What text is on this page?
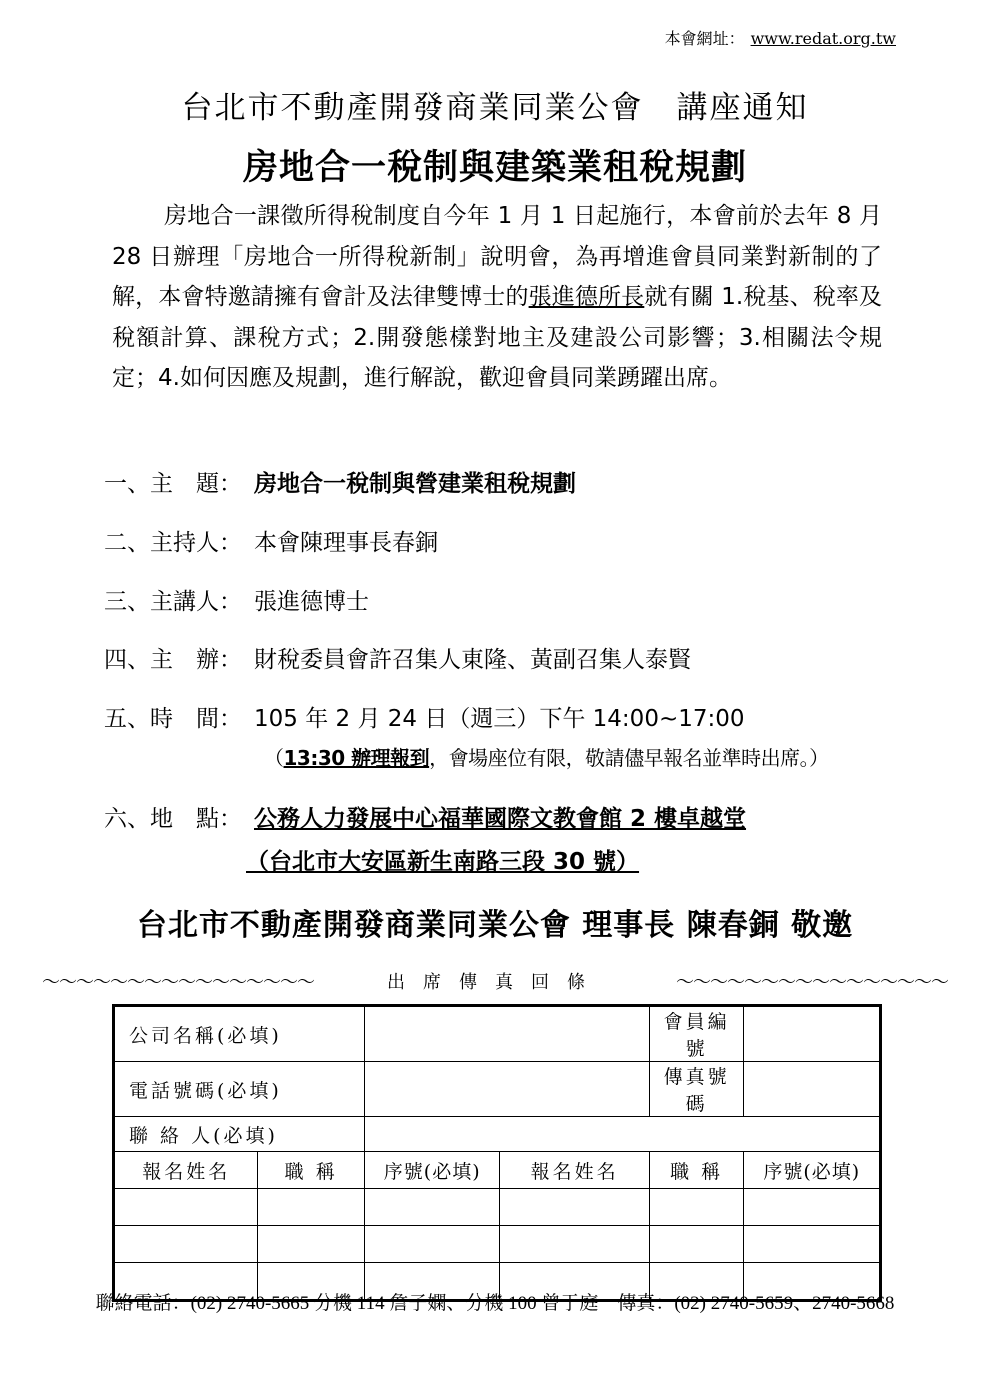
本會網址： www.redat.org.tw
台北市不動產開發商業同業公會　講座通知
房地合一稅制與建築業租稅規劃

房地合一課徵所得稅制度自今年 1 月 1 日起施行，本會前於去年 8 月 28 日辦理「房地合一所得稅新制」說明會，為再增進會員同業對新制的了解，本會特邀請擁有會計及法律雙博士的張進德所長就有關 1.稅基、稅率及稅額計算、課稅方式；2.開發態樣對地主及建設公司影響；3.相關法令規定；4.如何因應及規劃，進行解說，歡迎會員同業踴躍出席。

一、主　題： 房地合一稅制與營建業租稅規劃
二、主持人： 本會陳理事長春銅
三、主講人： 張進德博士
四、主　辦： 財稅委員會許召集人東隆、黃副召集人泰賢
五、時　間： 105 年 2 月 24 日（週三）下午 14:00~17:00
（13:30 辦理報到，會場座位有限，敬請儘早報名並準時出席。）
六、地　點： 公務人力發展中心福華國際文教會館 2 樓卓越堂
（台北市大安區新生南路三段 30 號）
台北市不動產開發商業同業公會 理事長 陳春銅 敬邀
～～～～～～～～～～～～～～～～	出席傳真回條	～～～～～～～～～～～～～～～～
公司名稱(必填)				會員編號	
電話號碼(必填)				傳真號碼	
聯 絡 人(必填)					
報名姓名	職 稱	序號(必填)	報名姓名	職 稱	序號(必填)

聯絡電話：(02) 2740-5665 分機 114 詹子嫻、分機 100 曾于庭　傳真：(02) 2740-5659、2740-5668
